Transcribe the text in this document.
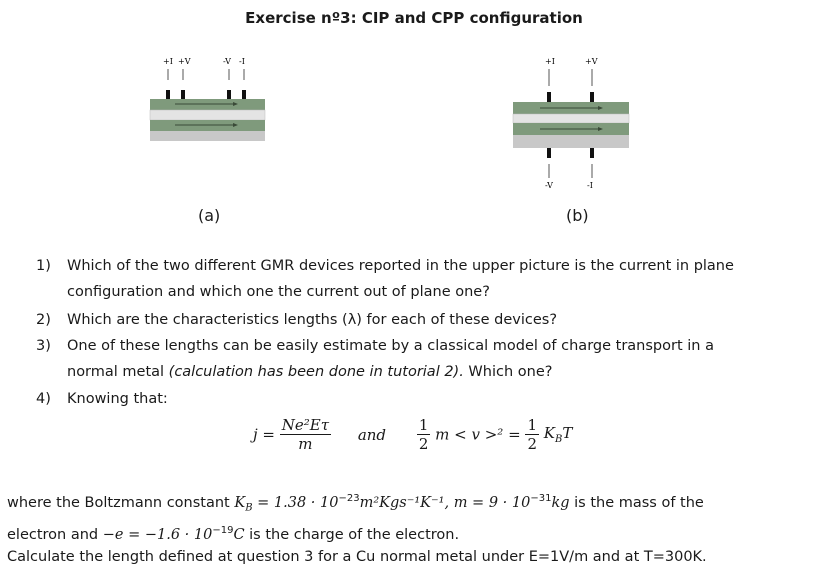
Exercise nº3: CIP and CPP configuration
+I +V	-V -I
(a)
+I	+V
-V	-I
(b)
1)	Which of the two different GMR devices reported in the upper picture is the current in plane
configuration and which one the current out of plane one?
2)	Which are the characteristics lengths (λ) for each of these devices?
3)	One of these lengths can be easily estimate by a classical model of charge transport in a
normal metal (calculation has been done in tutorial 2). Which one?
4)	Knowing that:
$j = \frac{\text{Ne²Eτ}}{m}$ and $\frac{1}{2}$ $m < v >^2 = \frac{1}{2} K_BT$
where the Boltzmann constant $K_B = 1.38 \cdot 10^{-23}m^2Kgs^{-1}K^{-1}$, $m = 9 \cdot 10^{-31}kg$ is the mass of the
electron and $-e = -1.6 \cdot 10^{-19}C$ is the charge of the electron.
Calculate the length defined at question 3 for a Cu normal metal under E=1V/m and at T=300K.
